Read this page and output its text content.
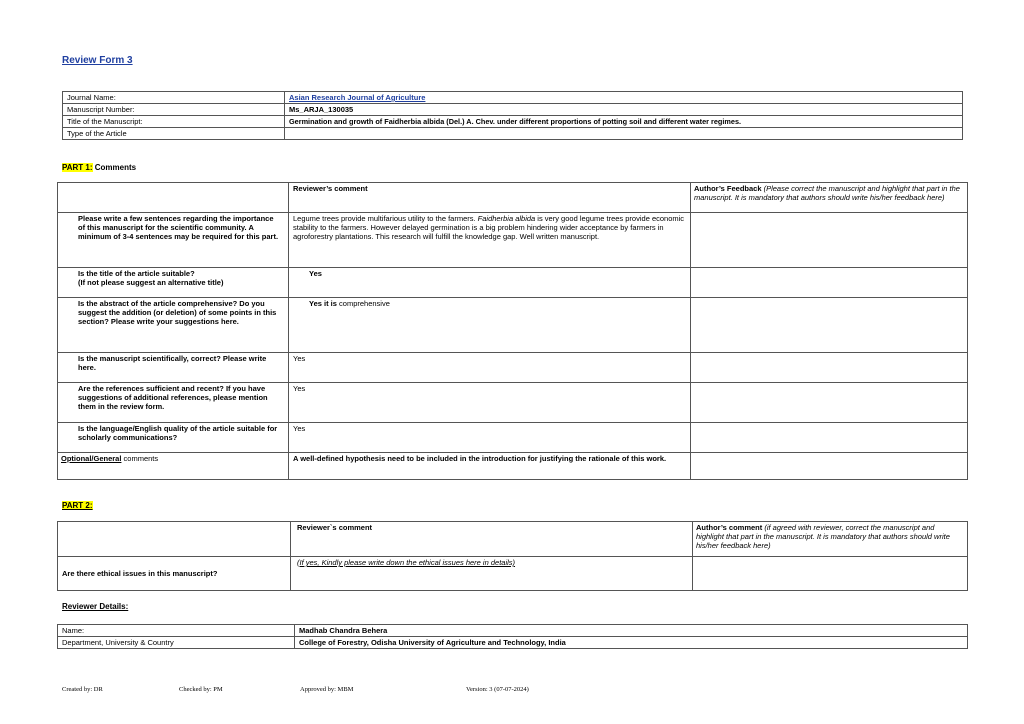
Review Form 3
Journal Name:	Asian Research Journal of Agriculture
Manuscript Number:	Ms_ARJA_130035
Title of the Manuscript:	Germination and growth of Faidherbia albida (Del.) A. Chev. under different proportions of potting soil and different water regimes.
Type of the Article	
PART 1: Comments
	Reviewer’s comment	Author’s Feedback (Please correct the manuscript and highlight that part in the manuscript. It is mandatory that authors should write his/her feedback here)
Please write a few sentences regarding the importance of this manuscript for the scientific community. A minimum of 3-4 sentences may be required for this part.	Legume trees provide multifarious utility to the farmers. Faidherbia albida is very good legume trees provide economic stability to the farmers. However delayed germination is a big problem hindering wider acceptance by farmers in agroforestry plantations. This research will fulfill the knowledge gap. Well written manuscript.	
Is the title of the article suitable?
(If not please suggest an alternative title)	Yes	
Is the abstract of the article comprehensive? Do you suggest the addition (or deletion) of some points in this section? Please write your suggestions here.	Yes it is comprehensive	
Is the manuscript scientifically, correct? Please write here.	Yes	
Are the references sufficient and recent? If you have suggestions of additional references, please mention them in the review form.	Yes	
Is the language/English quality of the article suitable for scholarly communications?	Yes	
Optional/General comments	A well-defined hypothesis need to be included in the introduction for justifying the rationale of this work.	
PART 2:
	Reviewer`s comment	Author’s comment (if agreed with reviewer, correct the manuscript and highlight that part in the manuscript. It is mandatory that authors should write his/her feedback here)
Are there ethical issues in this manuscript?	(If yes, Kindly please write down the ethical issues here in details)	
Reviewer Details:
Name:	Madhab Chandra Behera
Department, University & Country	College of Forestry, Odisha University of Agriculture and Technology, India
Created by: DR	Checked by: PM	Approved by: MBM	Version: 3 (07-07-2024)
